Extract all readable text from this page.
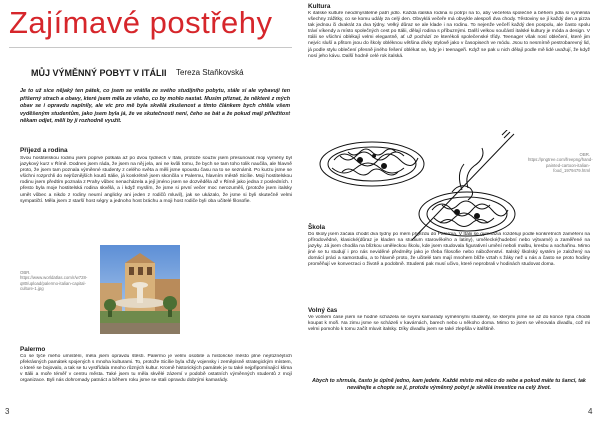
Zajímavé postřehy
MŮJ VÝMĚNNÝ POBYT V ITÁLII Tereza Staňkovská

Je to už sice nějaký ten pátek, co jsem se vrátila ze svého studijního pobytu, stále si ale vybavuji ten příšerný strach a obavy, které jsem měla ze všeho, co by mohlo nastat. Musím přiznat, že některé z mých obav se i opravdu naplnily, ale víc pro mě byla skvělá zkušenost a tímto článkem bych chtěla všem vyděšeným studentům, jako jsem byla já, že ve skutečnosti není, čeho se bát a že pokud mají příležitost někam odjet, měli by ji rozhodně využít.

Příjezd a rodina

Svou hostitelskou rodinu jsem poprvé potkala až po dvou týdnech v Itálii, protože souživ jsem přesunovat moji výměny byl jazykový kurz v Římě. Dodnes jsem ráda, že jsem na něj jela, ani ne kvůli tomu, že bych se tam toho tolik naučila, ale hlavně proto, že jsem tam poznala výměnné studenty z celého světa a měli jsme spoustu času na to se seznámit. Po kurzu jsme se všichni rozprchli do nejrůznějších koutů Itálie, já konkrétně jsem skončila v Palermu, hlavním městě Sicílie. Moji hostitelskou rodinu jsem předtím poznala z Prahy vůbec nenacházela a její jméno jsem se dozvěděla až v Římě jako jedna z posledních. I přesto byla moje hostitelská rodina skvělá, a i když myslím, že jsme si první večer moc nerozuměli, (protože jsem italsky umět vůbec a nikdo z rodiny neumí anglicky ani jeden z rodičů mluvil), jak se ukázalo, že jsme si byli skutečně velmi sympatičtí. Měla jsem 2 starší host ségry a jednoho host bráchu a moji host rodiče byli oba učitelé filosofie.

OBR. https://www.worldatlas.com/r/w728-q80/upload/palermo-italian-capital-culture-1.jpg

Palermo

Co se týče mého umístění, měla jsem opravdu štěstí. Palermo je velmi osobité a historické město plné nejrůznějších překrásných památek spojených s mnoha kulturami. To, protože Sicílie byla vždy vojensky i zeměpisně strategickým místem, o které se bojovalo, a tak se tu vystřídala mnoho různých kultur. Kromě historických památek je tu také nejpřipomínající klima v Itálii a moře téměř v centru města. Také jsem tu měla skvělé zázemí v podobě ostatních výměnných studentů z mojí organizace. Byli nás dohromady patnáct a během roku jsme se stali opravdu dobrými kamarády.

3
Kultura

K italské kultuře neodmyslitelně patří jídlo. Každá italská rodina si potrpí na to, aby večeřela společně a během jídla si vyměnila všechny zážitky, co se komu udály za celý den. Obvyklá večeře má obvykle alespoň dva chody. Těstoviny se jí každý den a pizza tak jednou či dvakrát za dva týdny. Velký důraz se ale klade i na rodinu. To nejenže večeří každý den pospolu, ale často spolu tráví víkendy a místo společných cest po Itálii, dělají rodina s příbuznými. Další velkou součástí italské kultury je móda a design. V Itálii se všichni oblékají velmi elegantně, ať už pochází ze kterékoli společenské třídy. Teenager však nosí oblečení, které jim nejvíc sluší a přitom jsou do školy obléknou většina dívky stylově jako v časopisech ve módu. Jsou to nesmírně pestrobarevný lid, já podle stylu oblečení přesně jiného řešení oblékat se, kdy je i teenageři. Když se pak u nich dělají podle mě lidé uvažují, že když nosí jeho kávu. Další hodně celé rok italská.

OBR. https://pngtree.com/freepng/hand-painted-cartoon-italian-food_1979479.html

Škola

Do školy jsem začala chodit dva týdny po mém příjezdu do Palerma. V Itálii se gymnázia rozdělují podle konkrétních zaměření na přírodovědné, klasické(důraz je kladen na studium starověkého a latiny), umělecké(hudební nebo výtvarné) a zaměřené na jazyky. Já jsem chodila na blízkou uměleckou školu, kde jsem studovala figurativní umění neboli malbu, kresbu a sochařinu. Mimo jiné se tu studují i pro nás neviděné předměty jako je třeba filosofie nebo náboženství. Italský školský systém je založený na domácí práci a samostudiu, a to hlavně proto, že učitelé tam mají mnohem blíže vztah s žáky než u nás a často se proto hodiny proměňují ve konverzaci o životě a podobně. Studenti pak musí učivo, které neprobrali v hodinách studovat doma.

Volný čas

Ve volném čase jsem se hodně scházela se svými kamarády výměnnými studenty, se kterými jsme se až do konce října chodili koupat k moři. Na zimu jsme se scházeli v kavárnách, barech nebo u někoho doma. Mimo to jsem se věnovala divadlu, což mi velmi pomohlo k tomu začít mluvit italsky. Díky divadlu jsem se také zlepšila v italštině.

4

Abych to shrnula, často je úplně jedno, kam jedete. Každé místo má něco do sebe a pokud máte tu šanci, tak neváhejte a chopte se jí, protože výměnný pobyt je skvělá investice na celý život.
